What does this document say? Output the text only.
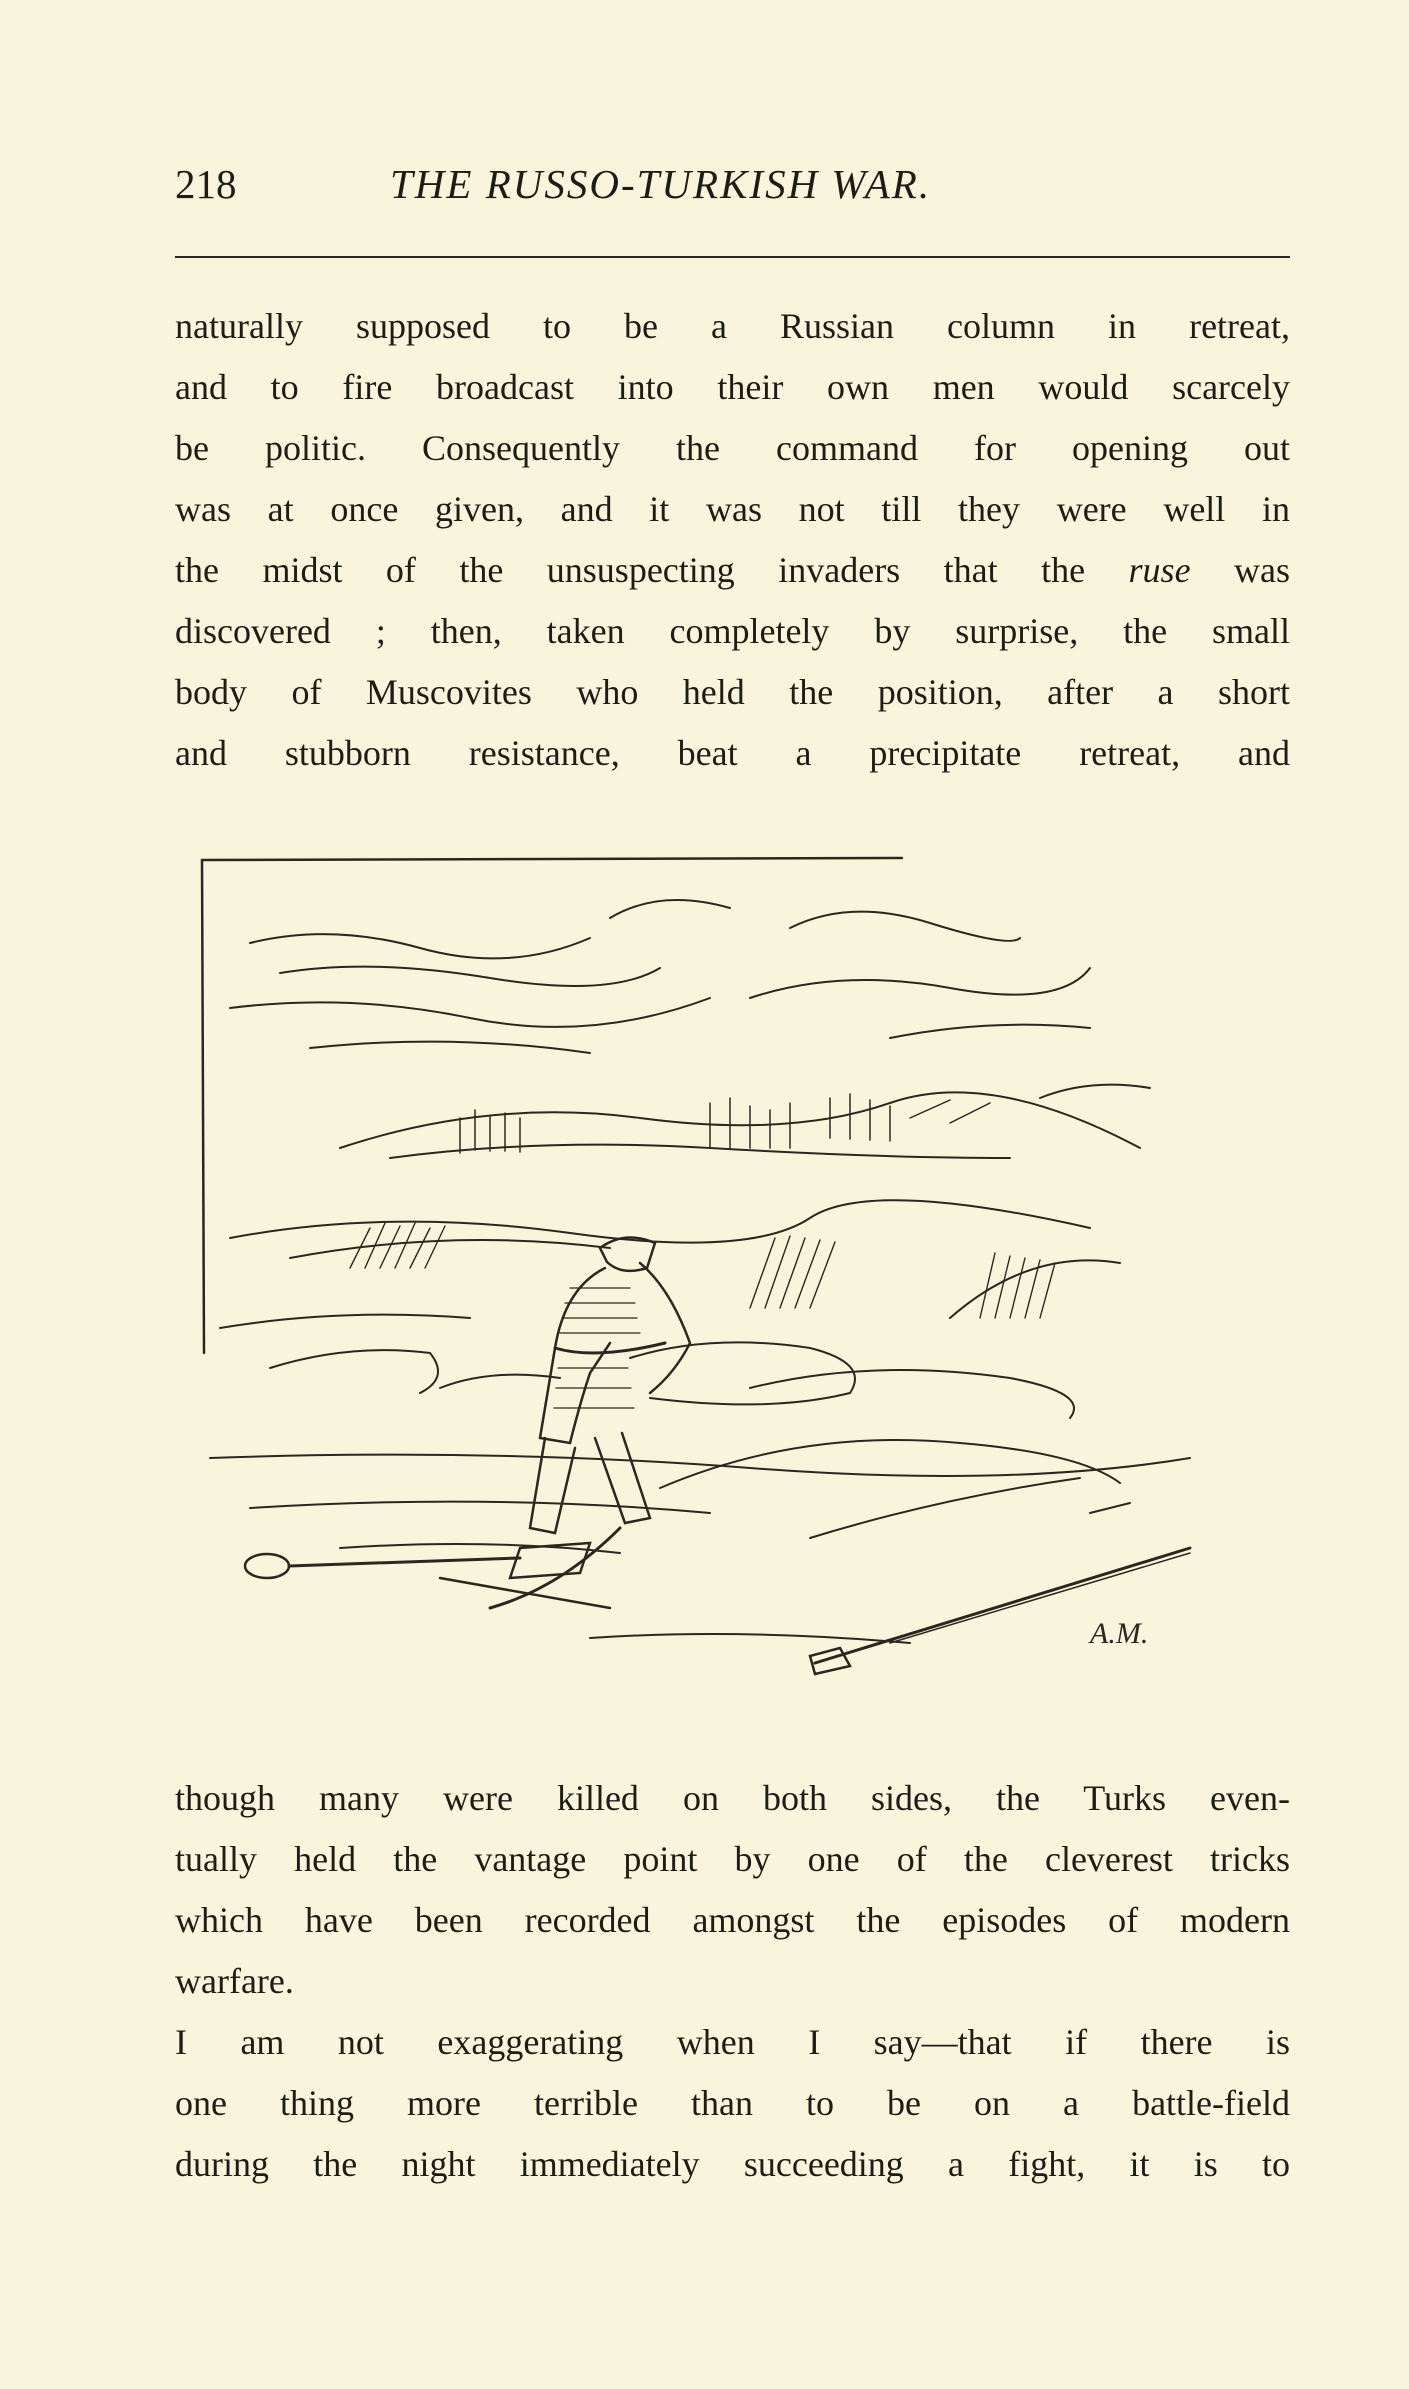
218	THE RUSSO-TURKISH WAR.
naturally supposed to be a Russian column in retreat,
and to fire broadcast into their own men would scarcely
be politic. Consequently the command for opening out
was at once given, and it was not till they were well in
the midst of the unsuspecting invaders that the ruse was
discovered ; then, taken completely by surprise, the small
body of Muscovites who held the position, after a short
and stubborn resistance, beat a precipitate retreat, and
A.M.
though many were killed on both sides, the Turks even-
tually held the vantage point by one of the cleverest tricks
which have been recorded amongst the episodes of modern
warfare.
I am not exaggerating when I say—that if there is
one thing more terrible than to be on a battle-field
during the night immediately succeeding a fight, it is to
